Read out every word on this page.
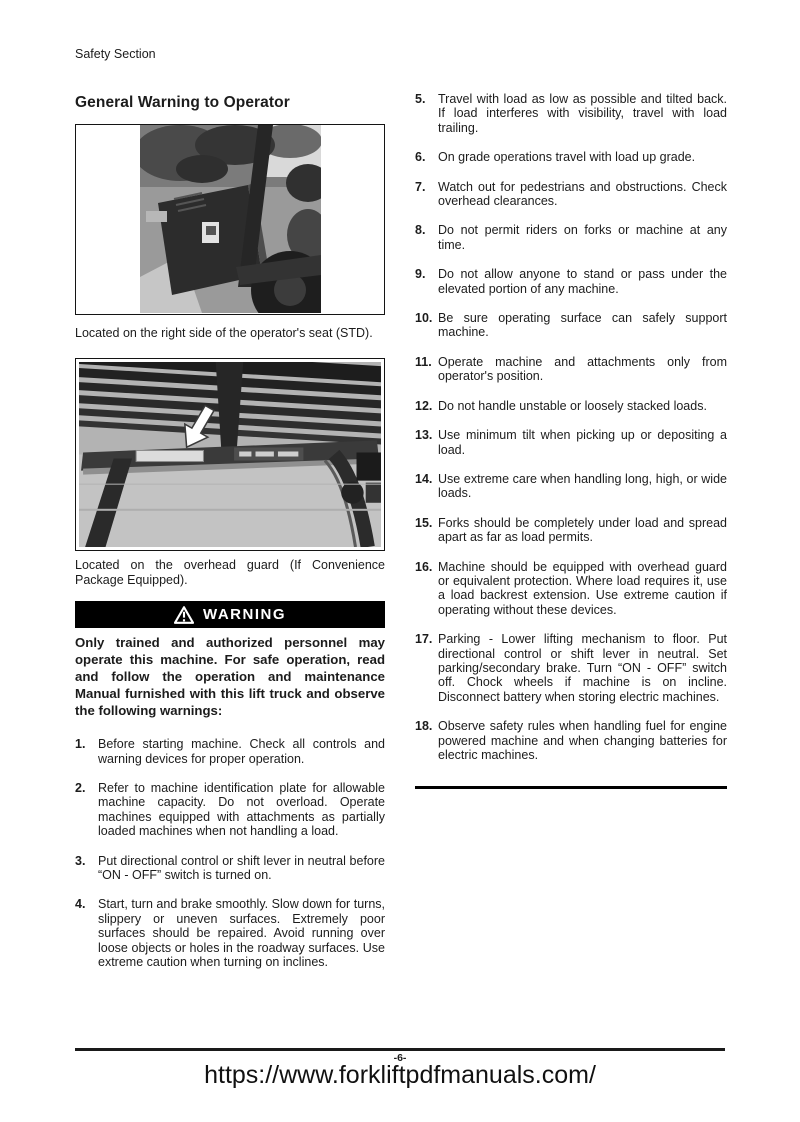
Safety Section
General Warning to Operator

Located on the right side of the operator's seat (STD).

Located on the overhead guard (If Convenience Package Equipped).

WARNING

Only trained and authorized personnel may operate this machine. For safe operation, read and follow the operation and maintenance Manual furnished with this lift truck and observe the following warnings:

1.	Before starting machine. Check all controls and warning devices for proper operation.
2.	Refer to machine identification plate for allowable machine capacity. Do not overload. Operate machines equipped with attachments as partially loaded machines when not handling a load.
3.	Put directional control or shift lever in neutral before “ON - OFF” switch is turned on.
4.	Start, turn and brake smoothly. Slow down for turns, slippery or uneven surfaces. Extremely poor surfaces should be repaired. Avoid running over loose objects or holes in the roadway surfaces. Use extreme caution when turning on inclines.
5.	Travel with load as low as possible and tilted back. If load interferes with visibility, travel with load trailing.
6.	On grade operations travel with load up grade.
7.	Watch out for pedestrians and obstructions. Check overhead clearances.
8.	Do not permit riders on forks or machine at any time.
9.	Do not allow anyone to stand or pass under the elevated portion of any machine.
10. Be sure operating surface can safely support machine.
11. Operate machine and attachments only from operator's position.
12. Do not handle unstable or loosely stacked loads.
13. Use minimum tilt when picking up or depositing a load.
14. Use extreme care when handling long, high, or wide loads.
15. Forks should be completely under load and spread apart as far as load permits.
16. Machine should be equipped with overhead guard or equivalent protection. Where load requires it, use a load backrest extension. Use extreme caution if operating without these devices.
17. Parking - Lower lifting mechanism to floor. Put directional control or shift lever in neutral. Set parking/secondary brake. Turn “ON - OFF” switch off. Chock wheels if machine is on incline. Disconnect battery when storing electric machines.
18. Observe safety rules when handling fuel for engine powered machine and when changing batteries for electric machines.
-6-
https://www.forkliftpdfmanuals.com/
